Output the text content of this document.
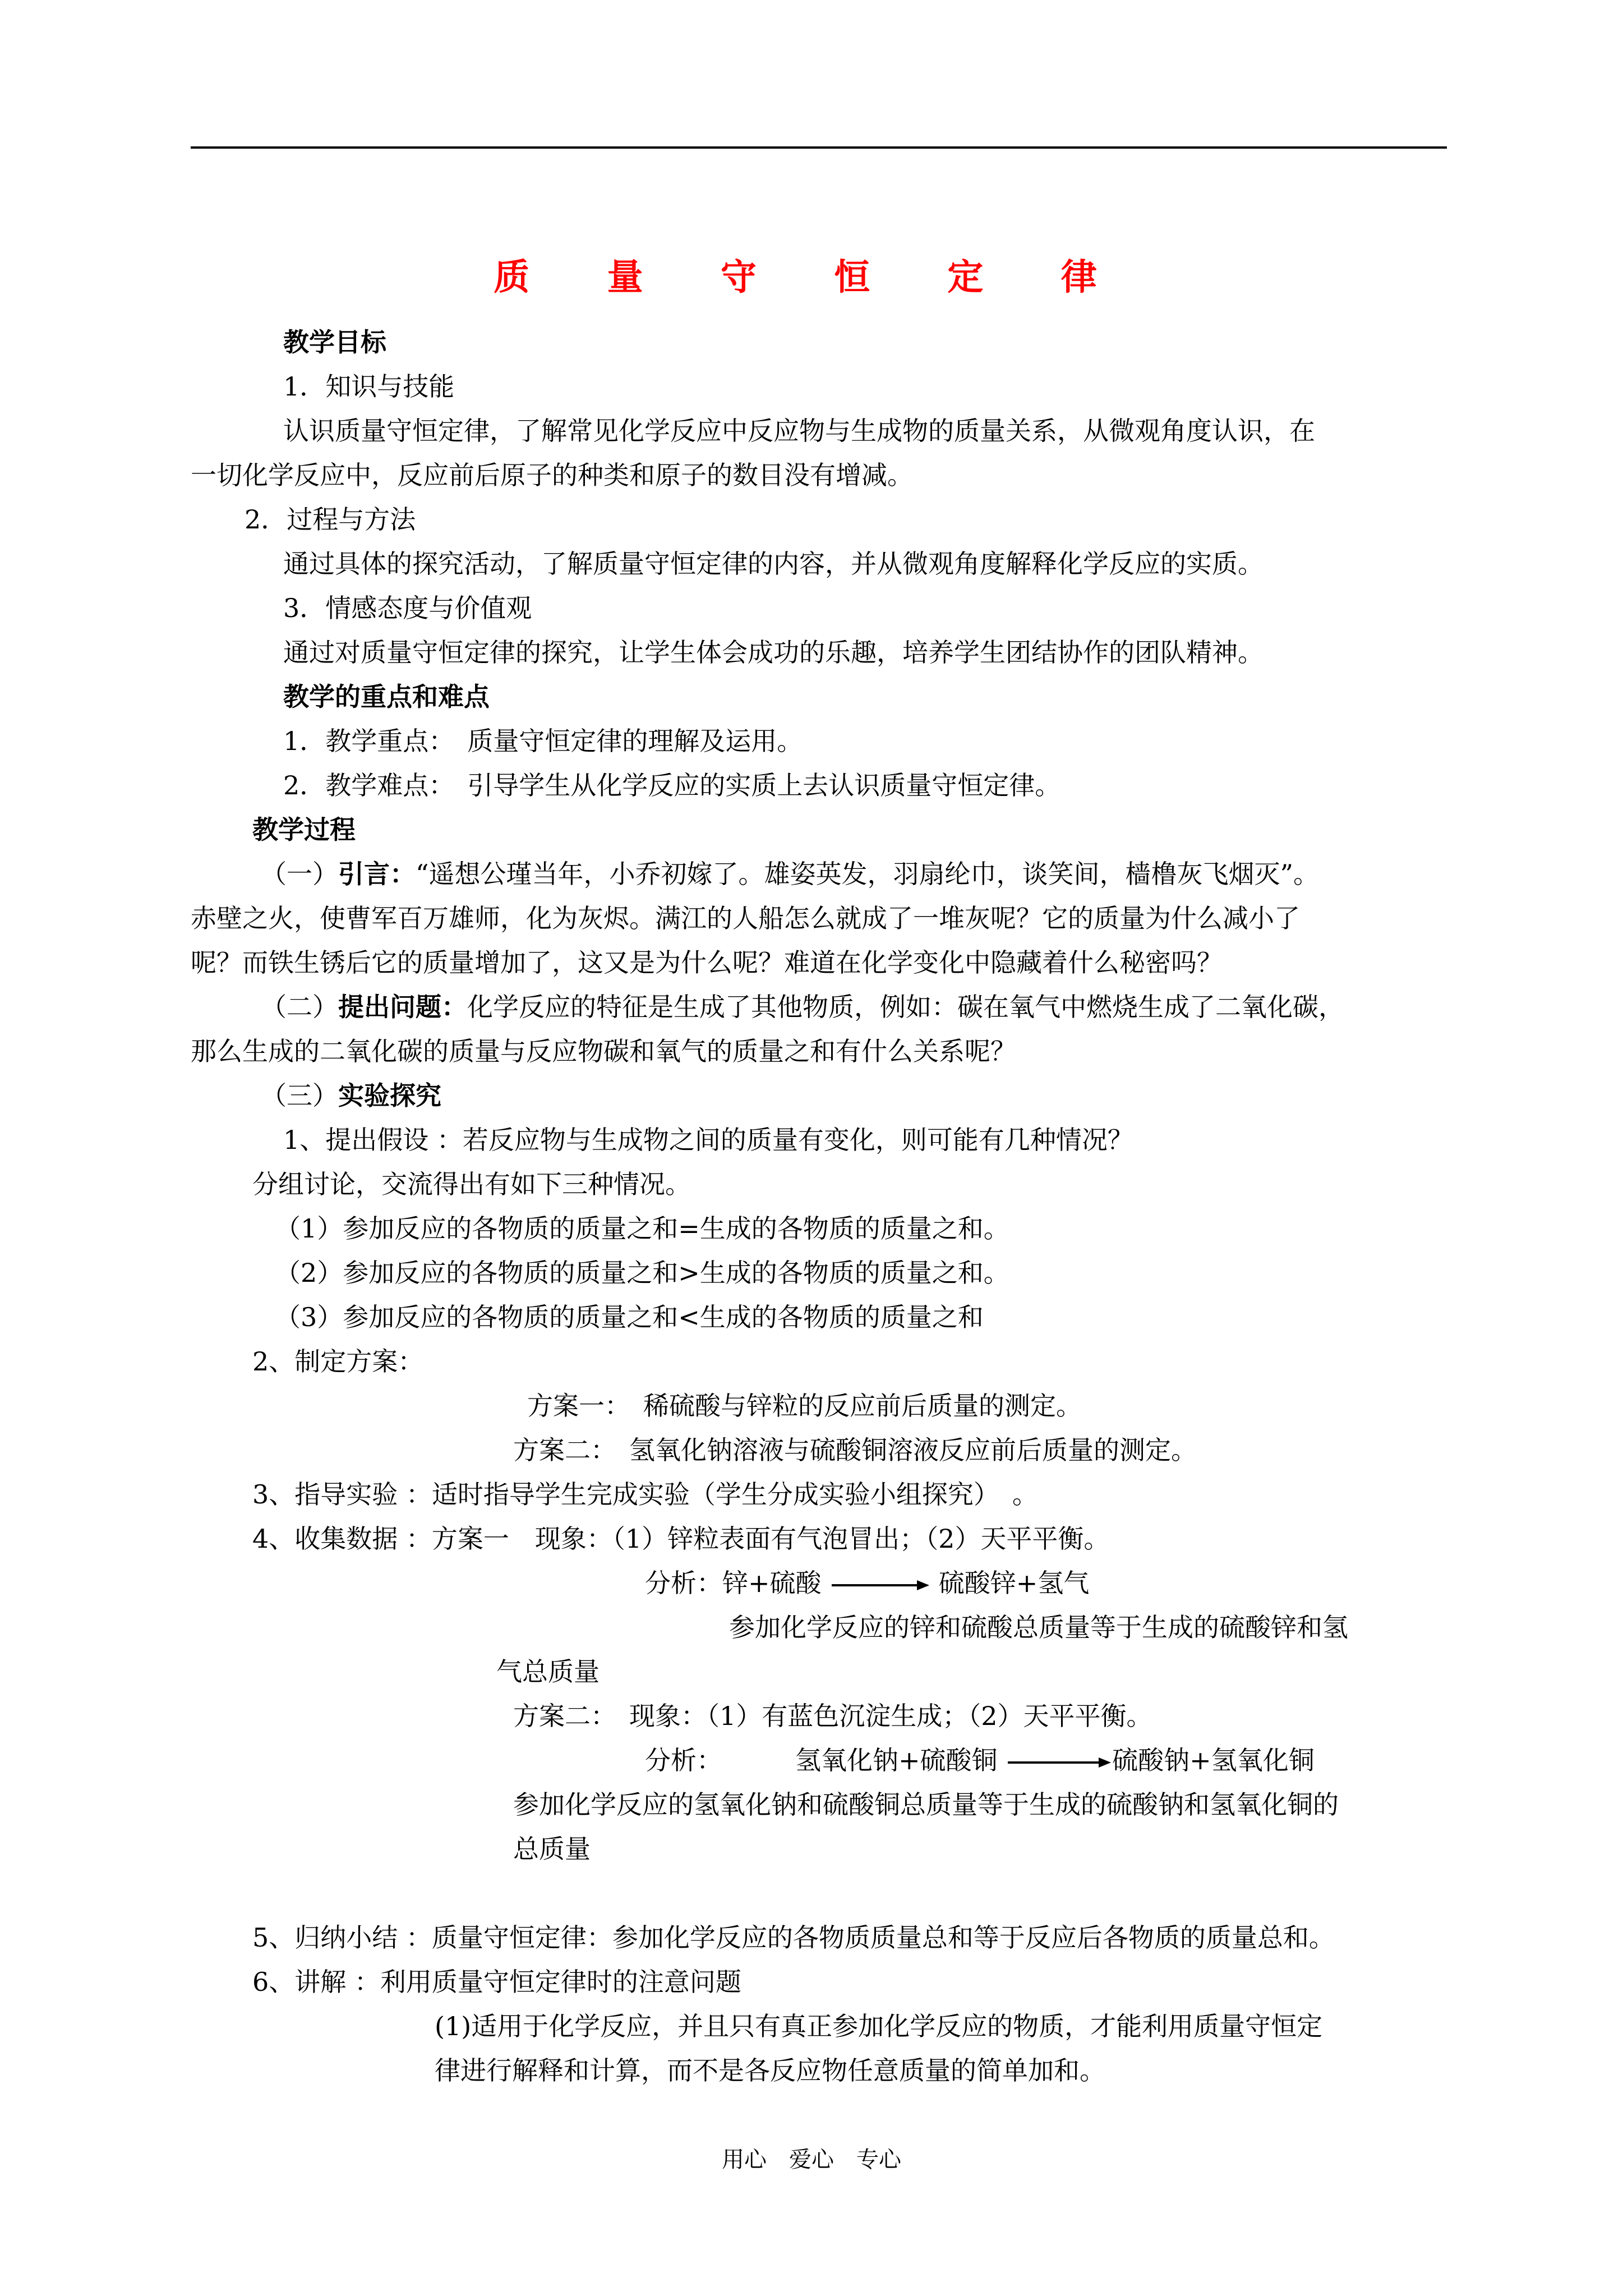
质 量 守 恒 定 律
教学目标
1．知识与技能
认识质量守恒定律，了解常见化学反应中反应物与生成物的质量关系，从微观角度认识，在
一切化学反应中，反应前后原子的种类和原子的数目没有增减。
2．过程与方法
通过具体的探究活动，了解质量守恒定律的内容，并从微观角度解释化学反应的实质。
3．情感态度与价值观
通过对质量守恒定律的探究，让学生体会成功的乐趣，培养学生团结协作的团队精神。
教学的重点和难点
1．教学重点：　质量守恒定律的理解及运用。
2．教学难点：　引导学生从化学反应的实质上去认识质量守恒定律。
教学过程
（一）引言：“遥想公瑾当年，小乔初嫁了。雄姿英发，羽扇纶巾，谈笑间，樯橹灰飞烟灭”。
赤壁之火，使曹军百万雄师，化为灰烬。满江的人船怎么就成了一堆灰呢？它的质量为什么减小了
呢？而铁生锈后它的质量增加了，这又是为什么呢？难道在化学变化中隐藏着什么秘密吗？
（二）提出问题：化学反应的特征是生成了其他物质，例如：碳在氧气中燃烧生成了二氧化碳，
那么生成的二氧化碳的质量与反应物碳和氧气的质量之和有什么关系呢？
（三）实验探究
1、提出假设 ：若反应物与生成物之间的质量有变化，则可能有几种情况？
分组讨论，交流得出有如下三种情况。
（1）参加反应的各物质的质量之和=生成的各物质的质量之和。
（2）参加反应的各物质的质量之和>生成的各物质的质量之和。
（3）参加反应的各物质的质量之和<生成的各物质的质量之和
2、制定方案：
方案一：　稀硫酸与锌粒的反应前后质量的测定。
方案二：　氢氧化钠溶液与硫酸铜溶液反应前后质量的测定。
3、指导实验 ：适时指导学生完成实验（学生分成实验小组探究）　。
4、收集数据 ：方案一　现象：（1）锌粒表面有气泡冒出；（2）天平平衡。
分析：锌+硫酸 → 硫酸锌+氢气
参加化学反应的锌和硫酸总质量等于生成的硫酸锌和氢
气总质量
方案二：　现象：（1）有蓝色沉淀生成；（2）天平平衡。
分析：	氢氧化钠+硫酸铜	硫酸钠+氢氧化铜
参加化学反应的氢氧化钠和硫酸铜总质量等于生成的硫酸钠和氢氧化铜的
总质量
5、归纳小结 ：质量守恒定律：参加化学反应的各物质质量总和等于反应后各物质的质量总和。
6、讲解 ：利用质量守恒定律时的注意问题
(1)适用于化学反应，并且只有真正参加化学反应的物质，才能利用质量守恒定
律进行解释和计算，而不是各反应物任意质量的简单加和。
用心　爱心　专心
